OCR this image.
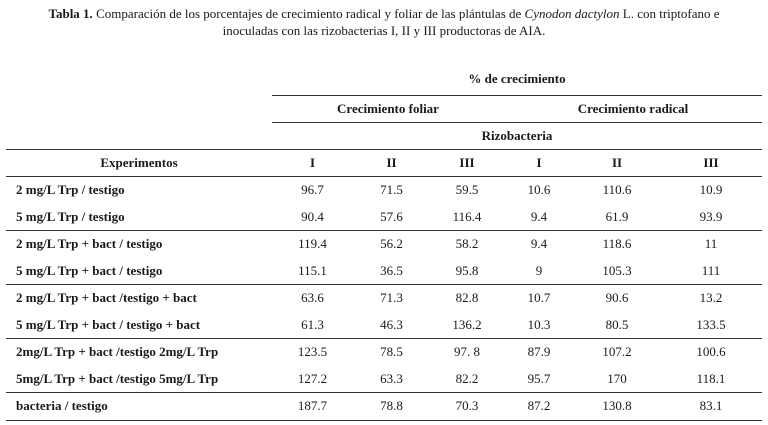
Tabla 1. Comparación de los porcentajes de crecimiento radical y foliar de las plántulas de Cynodon dactylon L. con triptofano e
inoculadas con las rizobacterias I, II y III productoras de AIA.
	% de crecimiento					
	Crecimiento foliar			Crecimiento radical		
	Rizobacteria					
Experimentos	I	II	III	I	II	III
2 mg/L Trp / testigo	96.7	71.5	59.5	10.6	110.6	10.9
5 mg/L Trp / testigo	90.4	57.6	116.4	9.4	61.9	93.9
2 mg/L Trp + bact / testigo	119.4	56.2	58.2	9.4	118.6	11
5 mg/L Trp + bact / testigo	115.1	36.5	95.8	9	105.3	111
2 mg/L Trp + bact /testigo + bact	63.6	71.3	82.8	10.7	90.6	13.2
5 mg/L Trp + bact / testigo + bact	61.3	46.3	136.2	10.3	80.5	133.5
2mg/L Trp + bact /testigo 2mg/L Trp	123.5	78.5	97. 8	87.9	107.2	100.6
5mg/L Trp + bact /testigo 5mg/L Trp	127.2	63.3	82.2	95.7	170	118.1
bacteria / testigo	187.7	78.8	70.3	87.2	130.8	83.1
